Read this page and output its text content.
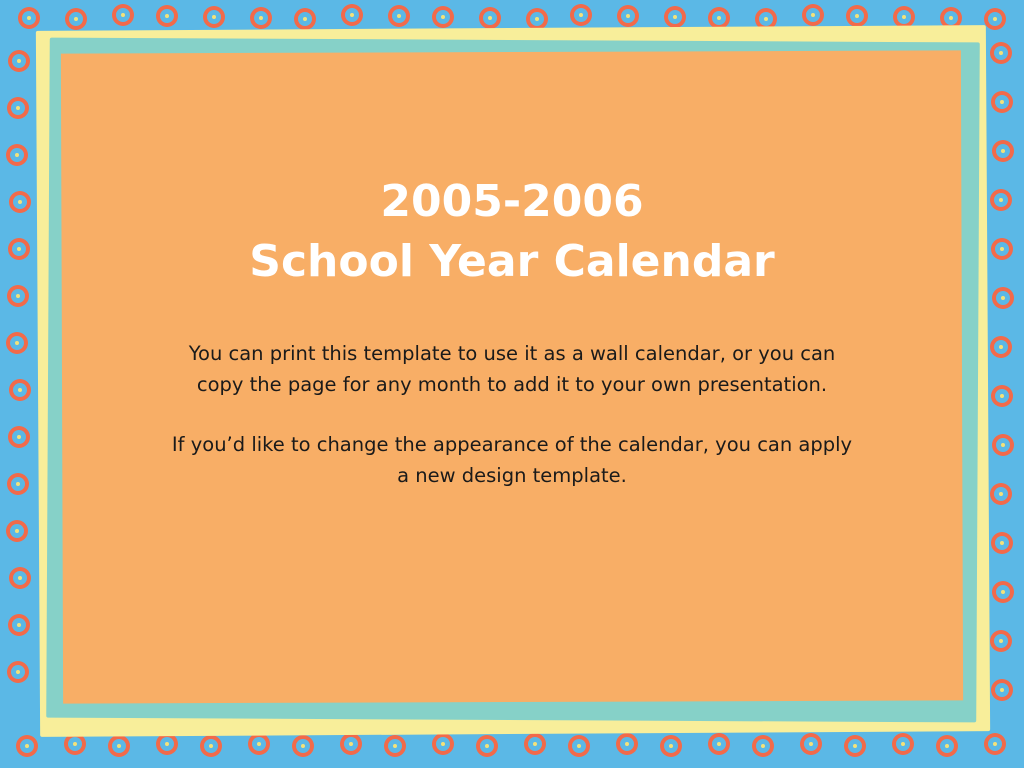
2005-2006
School Year Calendar

You can print this template to use it as a wall calendar, or you can copy the page for any month to add it to your own presentation.

If you’d like to change the appearance of the calendar, you can apply a new design template.
